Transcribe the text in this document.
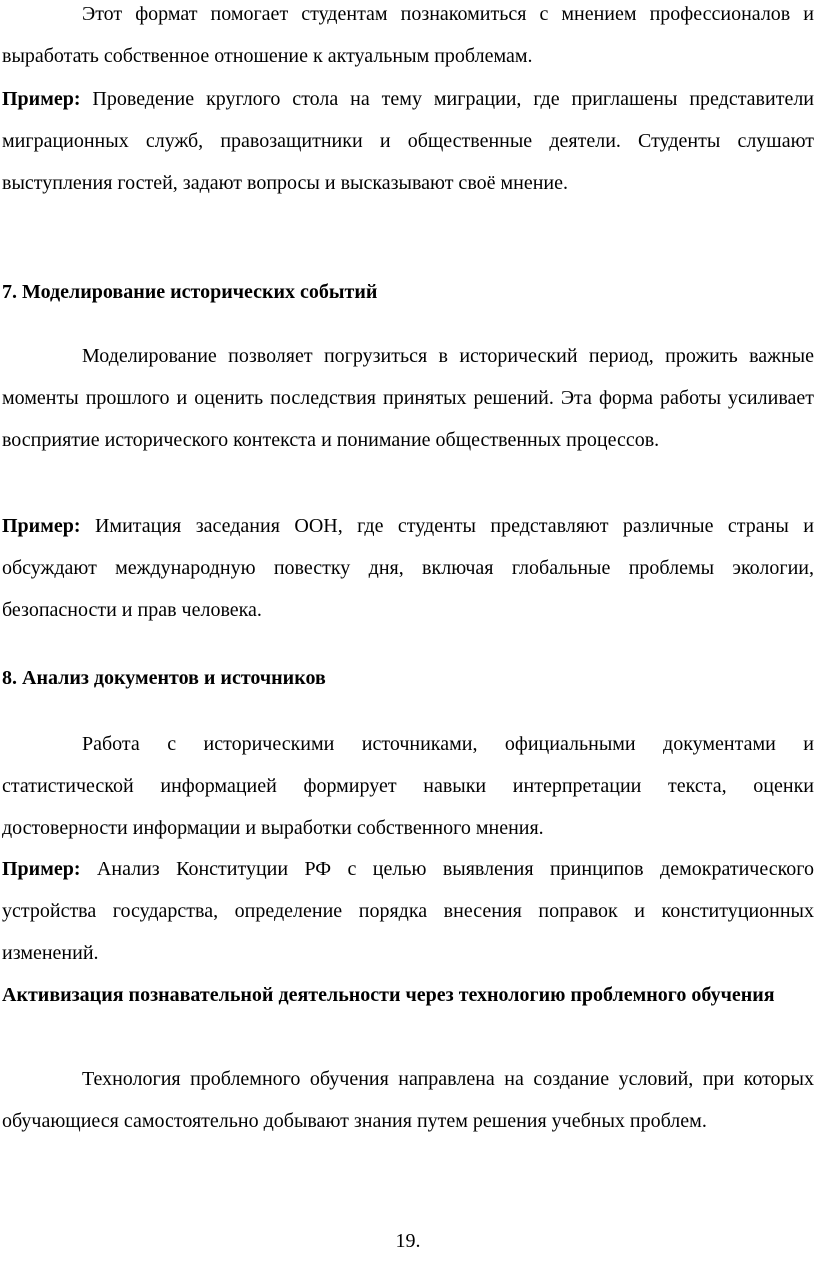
Этот формат помогает студентам познакомиться с мнением профессионалов и выработать собственное отношение к актуальным проблемам.

Пример: Проведение круглого стола на тему миграции, где приглашены представители миграционных служб, правозащитники и общественные деятели. Студенты слушают выступления гостей, задают вопросы и высказывают своё мнение.

7. Моделирование исторических событий

Моделирование позволяет погрузиться в исторический период, прожить важные моменты прошлого и оценить последствия принятых решений. Эта форма работы усиливает восприятие исторического контекста и понимание общественных процессов.

Пример: Имитация заседания ООН, где студенты представляют различные страны и обсуждают международную повестку дня, включая глобальные проблемы экологии, безопасности и прав человека.

8. Анализ документов и источников

Работа с историческими источниками, официальными документами и статистической информацией формирует навыки интерпретации текста, оценки достоверности информации и выработки собственного мнения.

Пример: Анализ Конституции РФ с целью выявления принципов демократического устройства государства, определение порядка внесения поправок и конституционных изменений.

Активизация познавательной деятельности через технологию проблемного обучения

Технология проблемного обучения направлена на создание условий, при которых обучающиеся самостоятельно добывают знания путем решения учебных проблем.

19.
